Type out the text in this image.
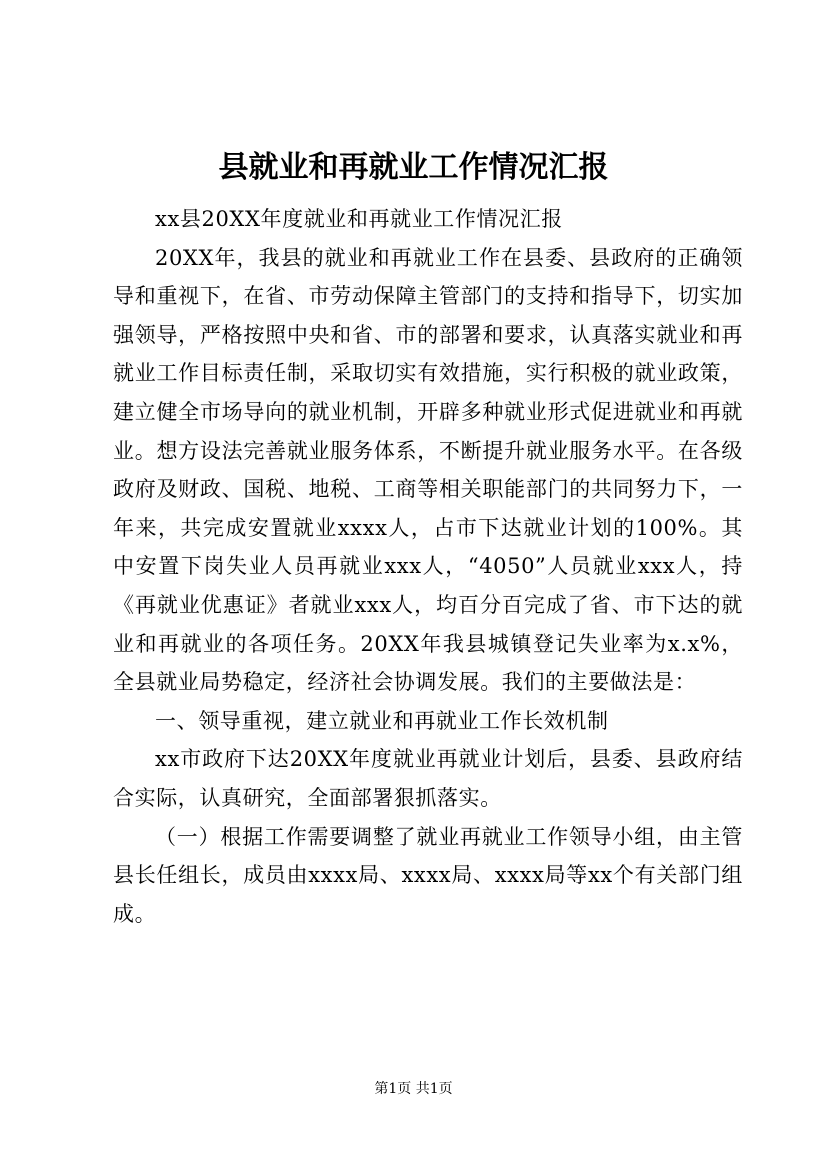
县就业和再就业工作情况汇报

xx县20XX年度就业和再就业工作情况汇报

20XX年，我县的就业和再就业工作在县委、县政府的正确领导和重视下，在省、市劳动保障主管部门的支持和指导下，切实加强领导，严格按照中央和省、市的部署和要求，认真落实就业和再就业工作目标责任制，采取切实有效措施，实行积极的就业政策，建立健全市场导向的就业机制，开辟多种就业形式促进就业和再就业。想方设法完善就业服务体系，不断提升就业服务水平。在各级政府及财政、国税、地税、工商等相关职能部门的共同努力下，一年来，共完成安置就业xxxx人，占市下达就业计划的100%。其中安置下岗失业人员再就业xxx人，“4050”人员就业xxx人，持《再就业优惠证》者就业xxx人，均百分百完成了省、市下达的就业和再就业的各项任务。20XX年我县城镇登记失业率为x.x%，全县就业局势稳定，经济社会协调发展。我们的主要做法是：

一、领导重视，建立就业和再就业工作长效机制

xx市政府下达20XX年度就业再就业计划后，县委、县政府结合实际，认真研究，全面部署狠抓落实。

（一）根据工作需要调整了就业再就业工作领导小组，由主管县长任组长，成员由xxxx局、xxxx局、xxxx局等xx个有关部门组成。

第1页 共1页
